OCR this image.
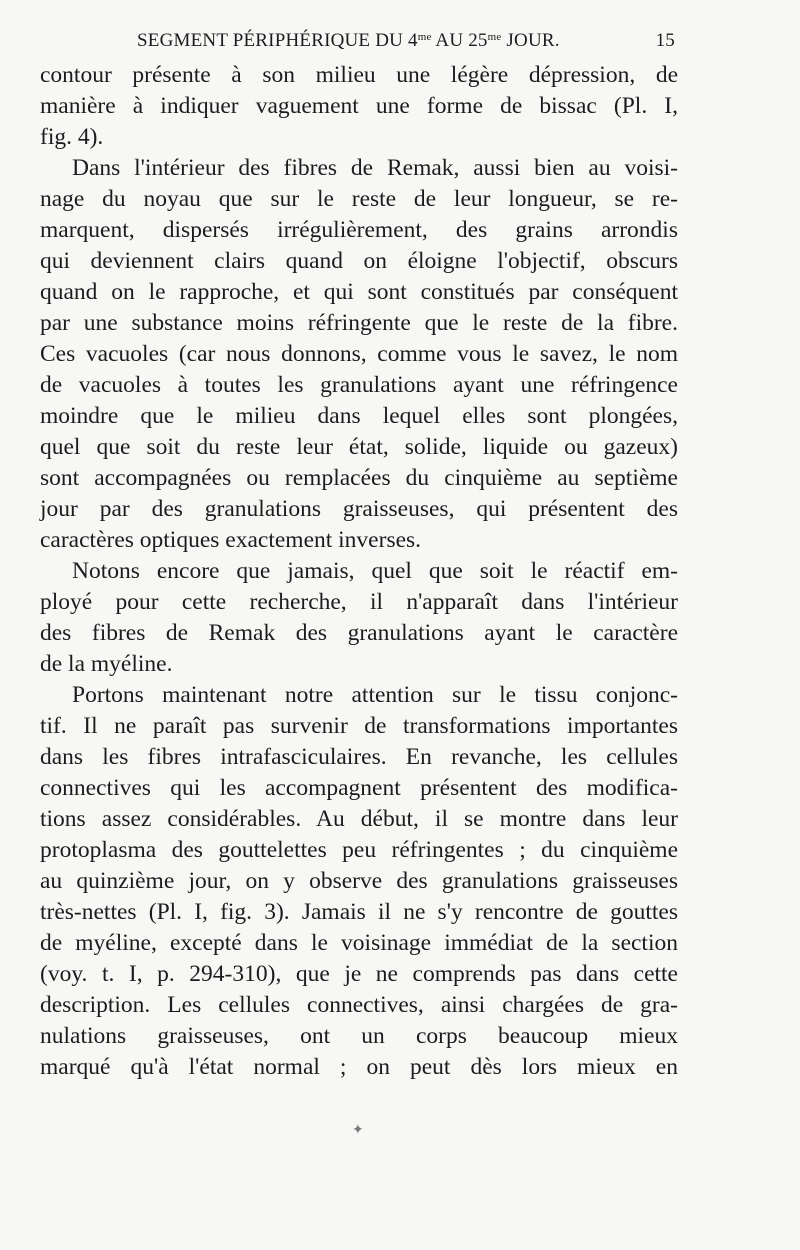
SEGMENT PÉRIPHÉRIQUE DU $4^{me}$ AU $25^{me}$ JOUR.	15
contour présente à son milieu une légère dépression, de
manière à indiquer vaguement une forme de bissac (Pl. I,
fig. 4).
Dans l'intérieur des fibres de Remak, aussi bien au voisi-
nage du noyau que sur le reste de leur longueur, se re-
marquent, dispersés irrégulièrement, des grains arrondis
qui deviennent clairs quand on éloigne l'objectif, obscurs
quand on le rapproche, et qui sont constitués par conséquent
par une substance moins réfringente que le reste de la fibre.
Ces vacuoles (car nous donnons, comme vous le savez, le nom
de vacuoles à toutes les granulations ayant une réfringence
moindre que le milieu dans lequel elles sont plongées,
quel que soit du reste leur état, solide, liquide ou gazeux)
sont accompagnées ou remplacées du cinquième au septième
jour par des granulations graisseuses, qui présentent des
caractères optiques exactement inverses.
Notons encore que jamais, quel que soit le réactif em-
ployé pour cette recherche, il n'apparaît dans l'intérieur
des fibres de Remak des granulations ayant le caractère
de la myéline.
Portons maintenant notre attention sur le tissu conjonc-
tif. Il ne paraît pas survenir de transformations importantes
dans les fibres intrafasciculaires. En revanche, les cellules
connectives qui les accompagnent présentent des modifica-
tions assez considérables. Au début, il se montre dans leur
protoplasma des gouttelettes peu réfringentes ; du cinquième
au quinzième jour, on y observe des granulations graisseuses
très-nettes (Pl. I, fig. 3). Jamais il ne s'y rencontre de gouttes
de myéline, excepté dans le voisinage immédiat de la section
(voy. t. I, p. 294-310), que je ne comprends pas dans cette
description. Les cellules connectives, ainsi chargées de gra-
nulations graisseuses, ont un corps beaucoup mieux
marqué qu'à l'état normal ; on peut dès lors mieux en
✦
